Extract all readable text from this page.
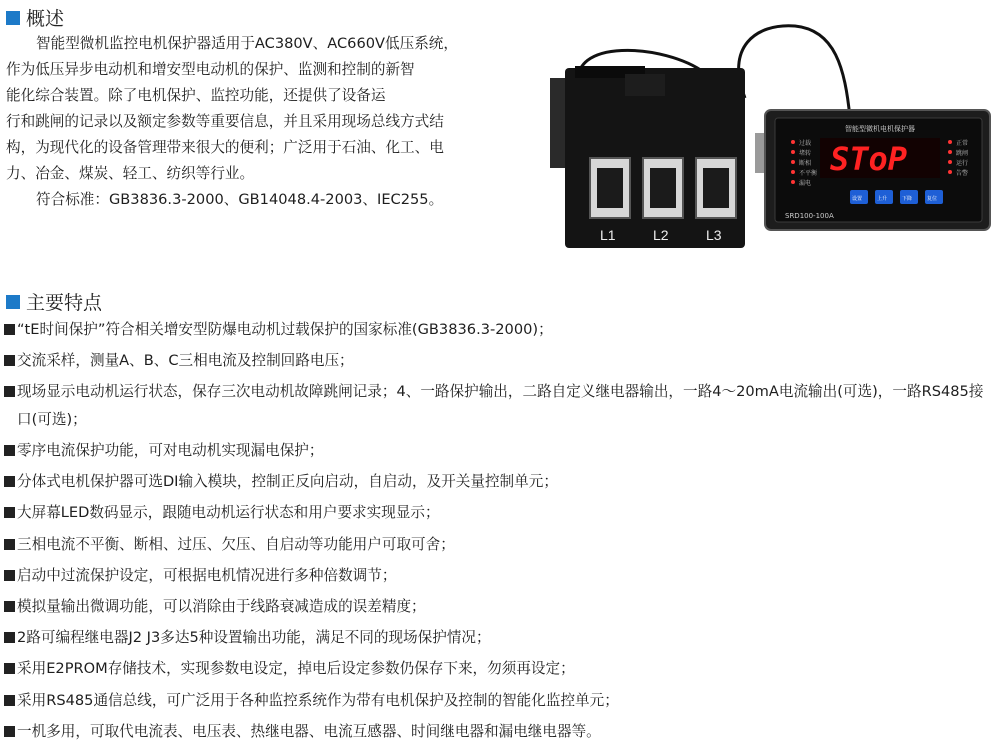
概述

智能型微机监控电机保护器适用于AC380V、AC660V低压系统，

作为低压异步电动机和增安型电动机的保护、监测和控制的新智

能化综合装置。除了电机保护、监控功能，还提供了设备运

行和跳闸的记录以及额定参数等重要信息，并且采用现场总线方式结

构，为现代化的设备管理带来很大的便利；广泛用于石油、化工、电

力、冶金、煤炭、轻工、纺织等行业。

符合标准：GB3836.3-2000、GB14048.4-2003、IEC255。

L1	L2	L3
智能型微机电机保护器
过载
堵转
断相
不平衡
漏电
SToP	正常
跳闸
运行
告警
设置	上升	下降	复位
SRD100-100A
主要特点
“tE时间保护”符合相关增安型防爆电动机过载保护的国家标准(GB3836.3-2000)；
交流采样，测量A、B、C三相电流及控制回路电压；
现场显示电动机运行状态，保存三次电动机故障跳闸记录；4、一路保护输出，二路自定义继电器输出，一路4～20mA电流输出(可选)，一路RS485接口(可选)；
零序电流保护功能，可对电动机实现漏电保护；
分体式电机保护器可选DI输入模块，控制正反向启动，自启动，及开关量控制单元；
大屏幕LED数码显示，跟随电动机运行状态和用户要求实现显示；
三相电流不平衡、断相、过压、欠压、自启动等功能用户可取可舍；
启动中过流保护设定，可根据电机情况进行多种倍数调节；
模拟量输出微调功能，可以消除由于线路衰减造成的误差精度；
2路可编程继电器J2 J3多达5种设置输出功能，满足不同的现场保护情况；
采用E2PROM存储技术，实现参数电设定，掉电后设定参数仍保存下来，勿须再设定；
采用RS485通信总线，可广泛用于各种监控系统作为带有电机保护及控制的智能化监控单元；
一机多用，可取代电流表、电压表、热继电器、电流互感器、时间继电器和漏电继电器等。
